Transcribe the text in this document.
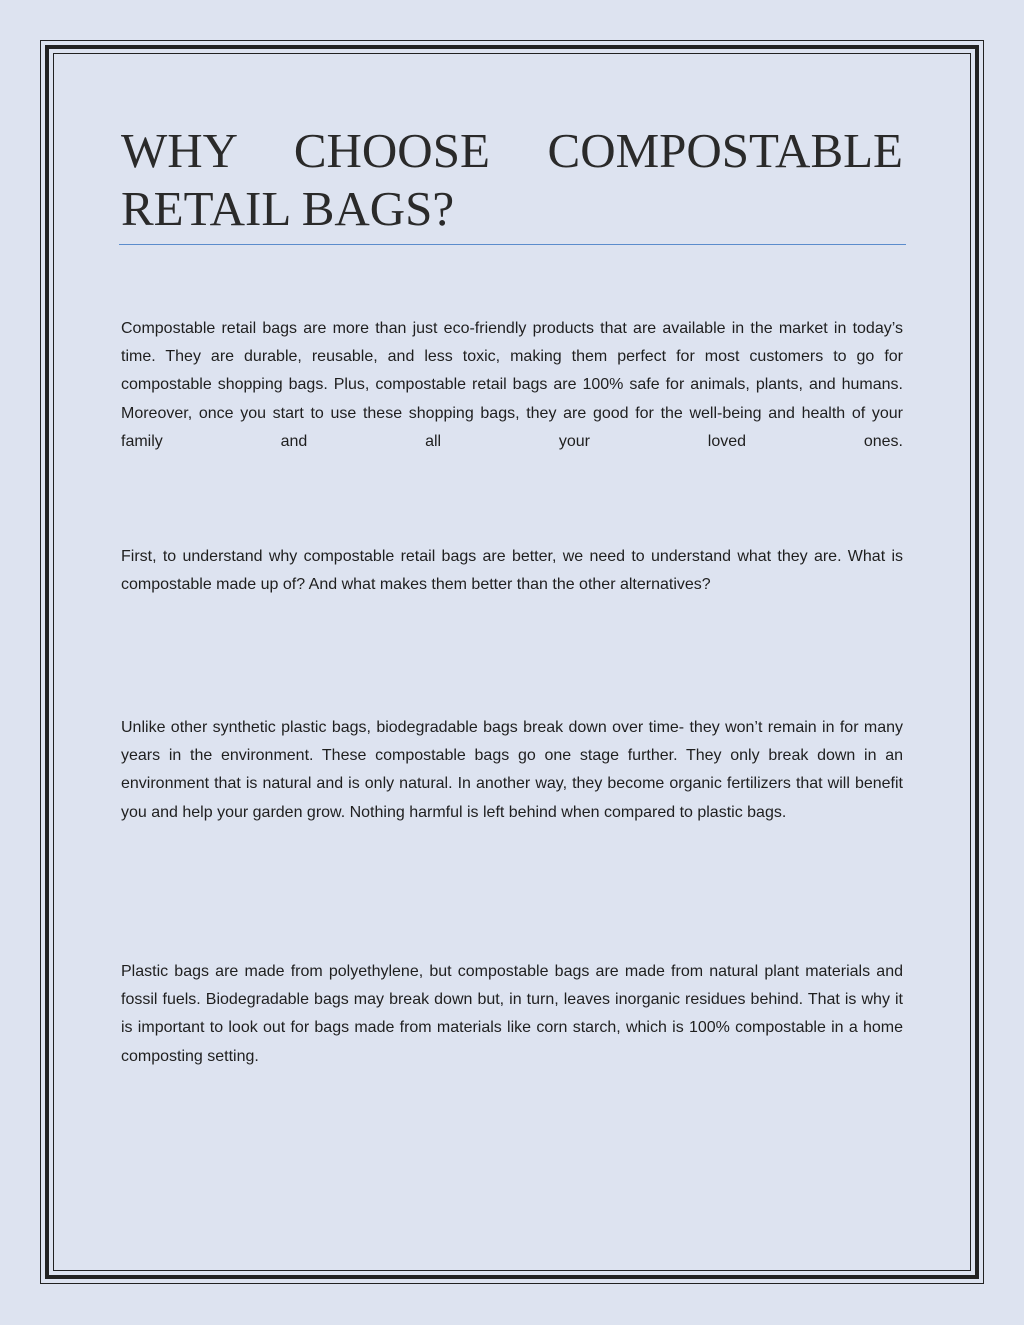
WHY CHOOSE COMPOSTABLE RETAIL BAGS?

Compostable retail bags are more than just eco-friendly products that are available in the market in today’s time. They are durable, reusable, and less toxic, making them perfect for most customers to go for compostable shopping bags. Plus, compostable retail bags are 100% safe for animals, plants, and humans. Moreover, once you start to use these shopping bags, they are good for the well-being and health of your family and all your loved ones.

First, to understand why compostable retail bags are better, we need to understand what they are. What is compostable made up of? And what makes them better than the other alternatives?

Unlike other synthetic plastic bags, biodegradable bags break down over time- they won’t remain in for many years in the environment. These compostable bags go one stage further. They only break down in an environment that is natural and is only natural. In another way, they become organic fertilizers that will benefit you and help your garden grow. Nothing harmful is left behind when compared to plastic bags.

Plastic bags are made from polyethylene, but compostable bags are made from natural plant materials and fossil fuels. Biodegradable bags may break down but, in turn, leaves inorganic residues behind. That is why it is important to look out for bags made from materials like corn starch, which is 100% compostable in a home composting setting.
